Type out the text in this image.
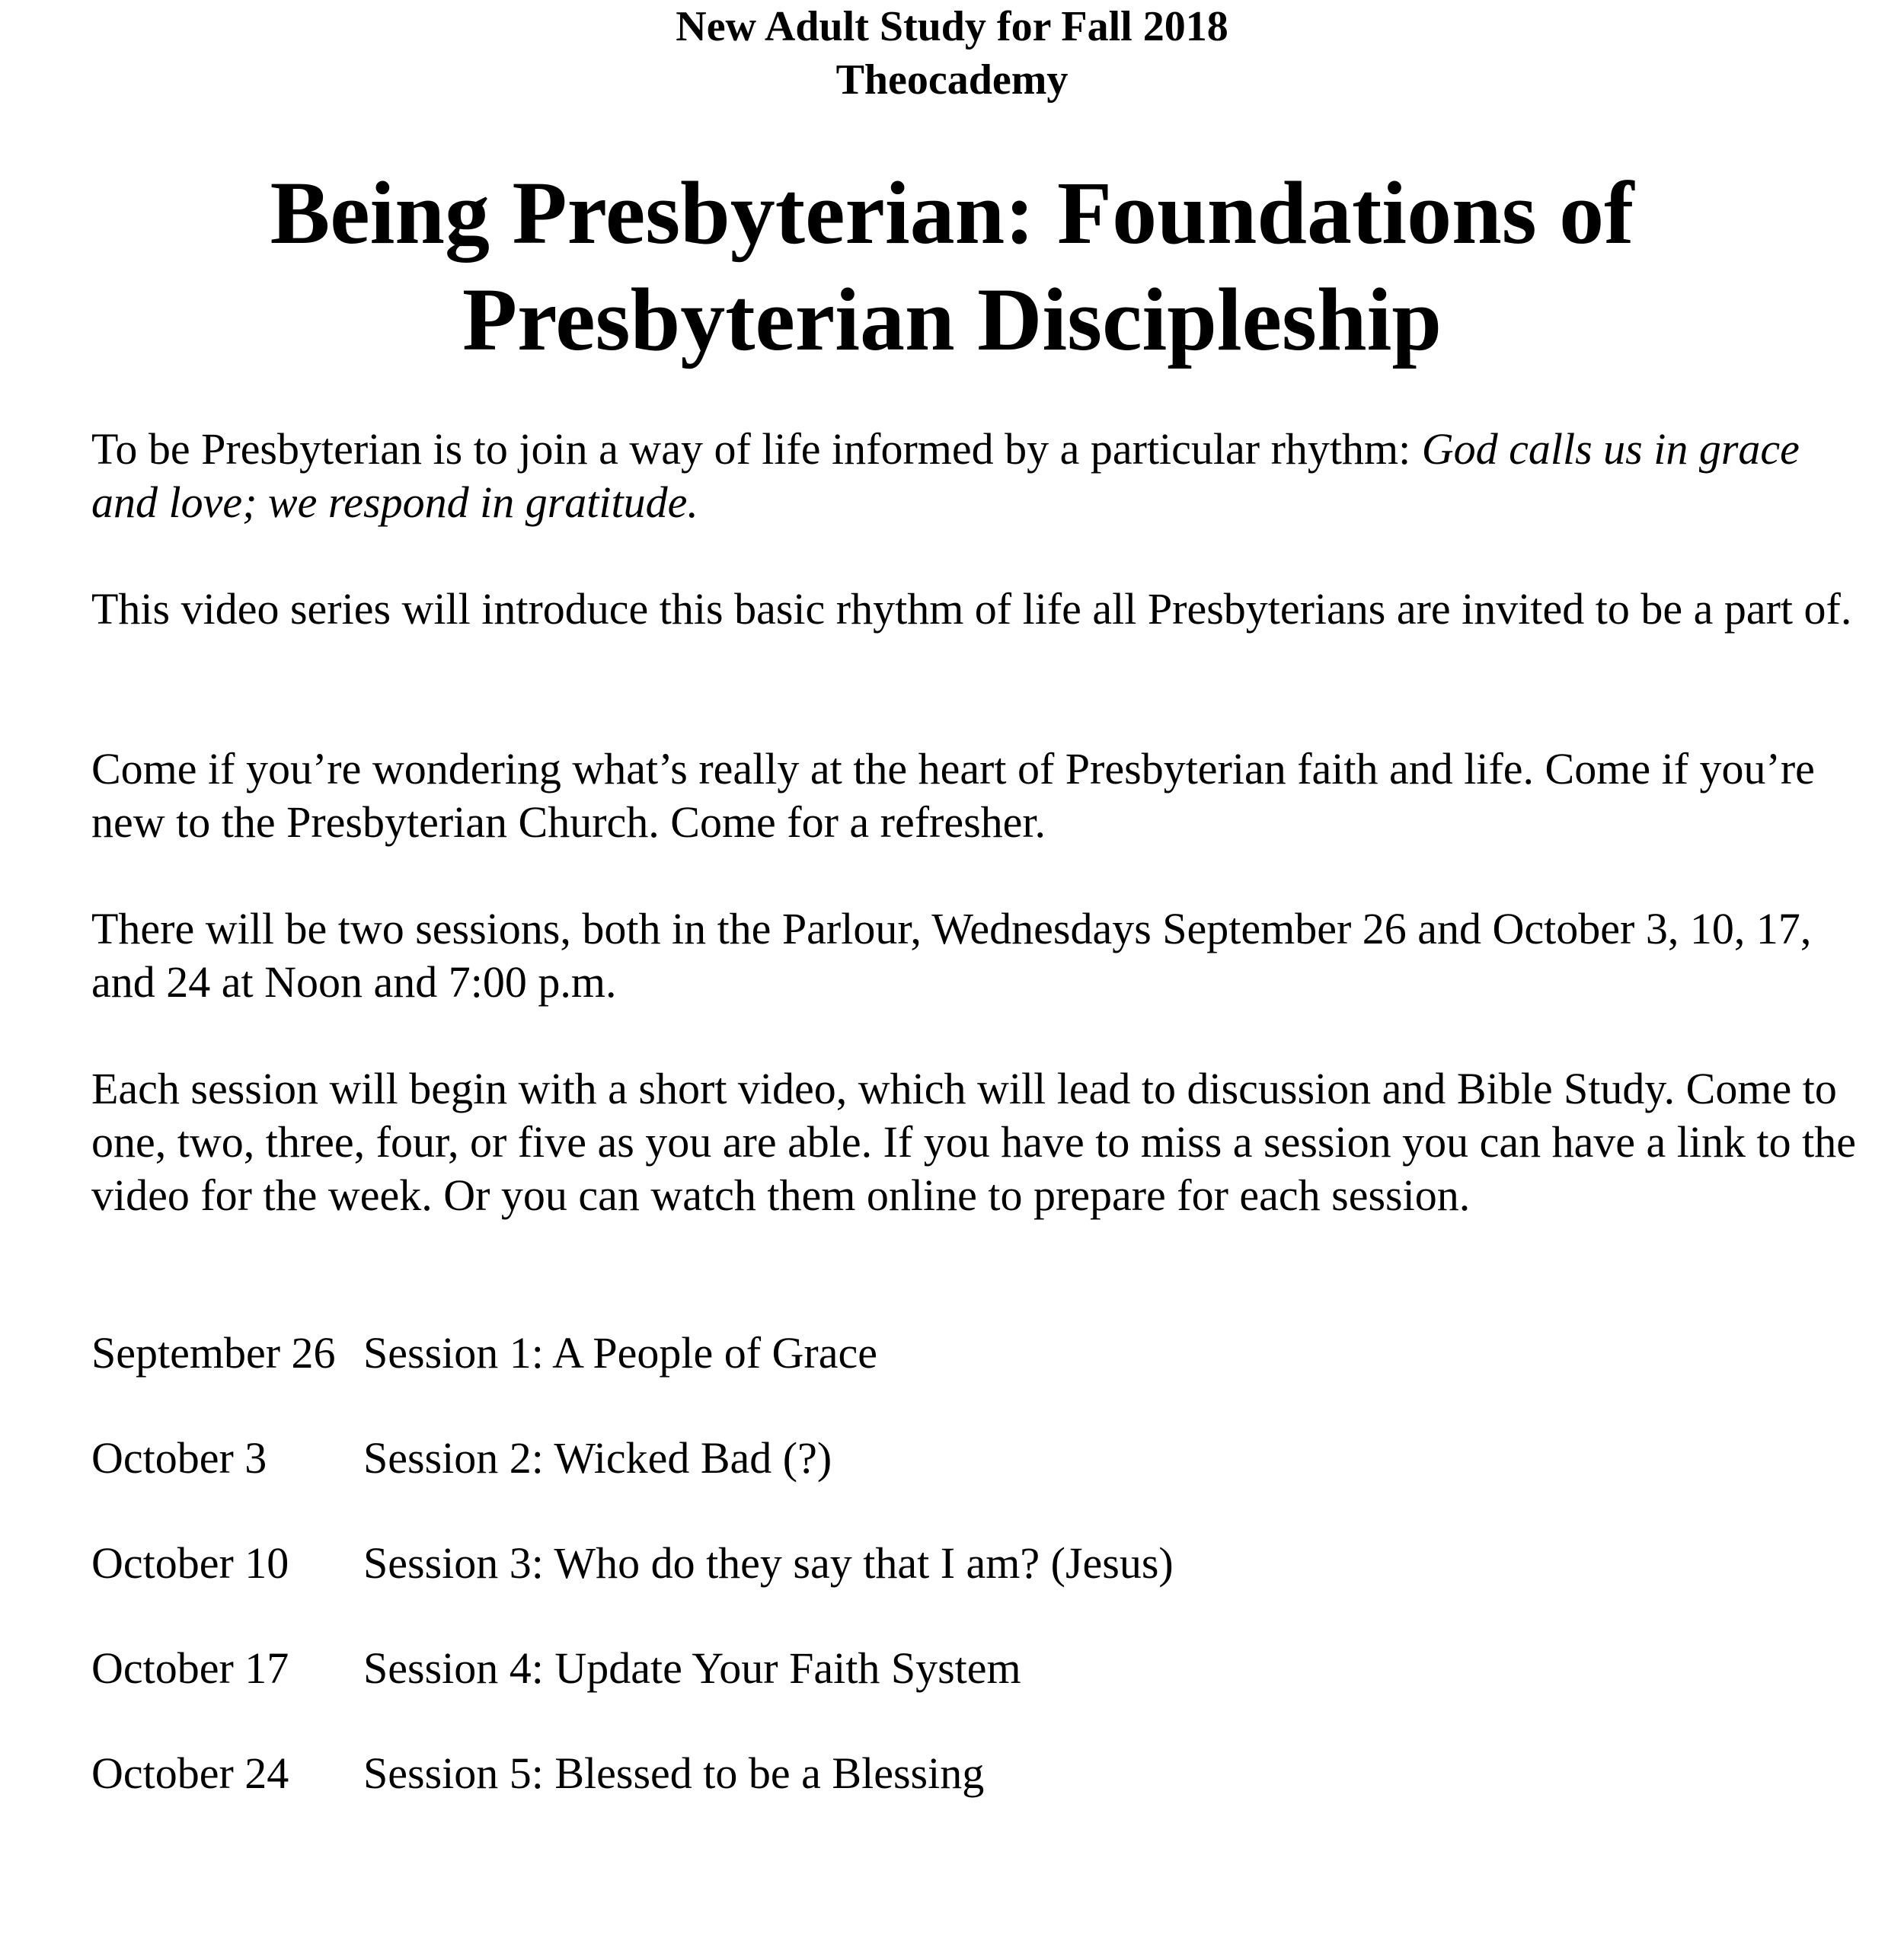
New Adult Study for Fall 2018
Theocademy
Being Presbyterian: Foundations of
Presbyterian Discipleship

To be Presbyterian is to join a way of life informed by a particular rhythm: God calls us in grace and love; we respond in gratitude.

This video series will introduce this basic rhythm of life all Presbyterians are invited to be a part of.

Come if you’re wondering what’s really at the heart of Presbyterian faith and life. Come if you’re new to the Presbyterian Church. Come for a refresher.

There will be two sessions, both in the Parlour, Wednesdays September 26 and October 3, 10, 17, and 24 at Noon and 7:00 p.m.

Each session will begin with a short video, which will lead to discussion and Bible Study. Come to one, two, three, four, or five as you are able. If you have to miss a session you can have a link to the video for the week. Or you can watch them online to prepare for each session.

September 26 Session 1: A People of Grace
October 3 Session 2: Wicked Bad (?)
October 10 Session 3: Who do they say that I am? (Jesus)
October 17 Session 4: Update Your Faith System
October 24 Session 5: Blessed to be a Blessing
